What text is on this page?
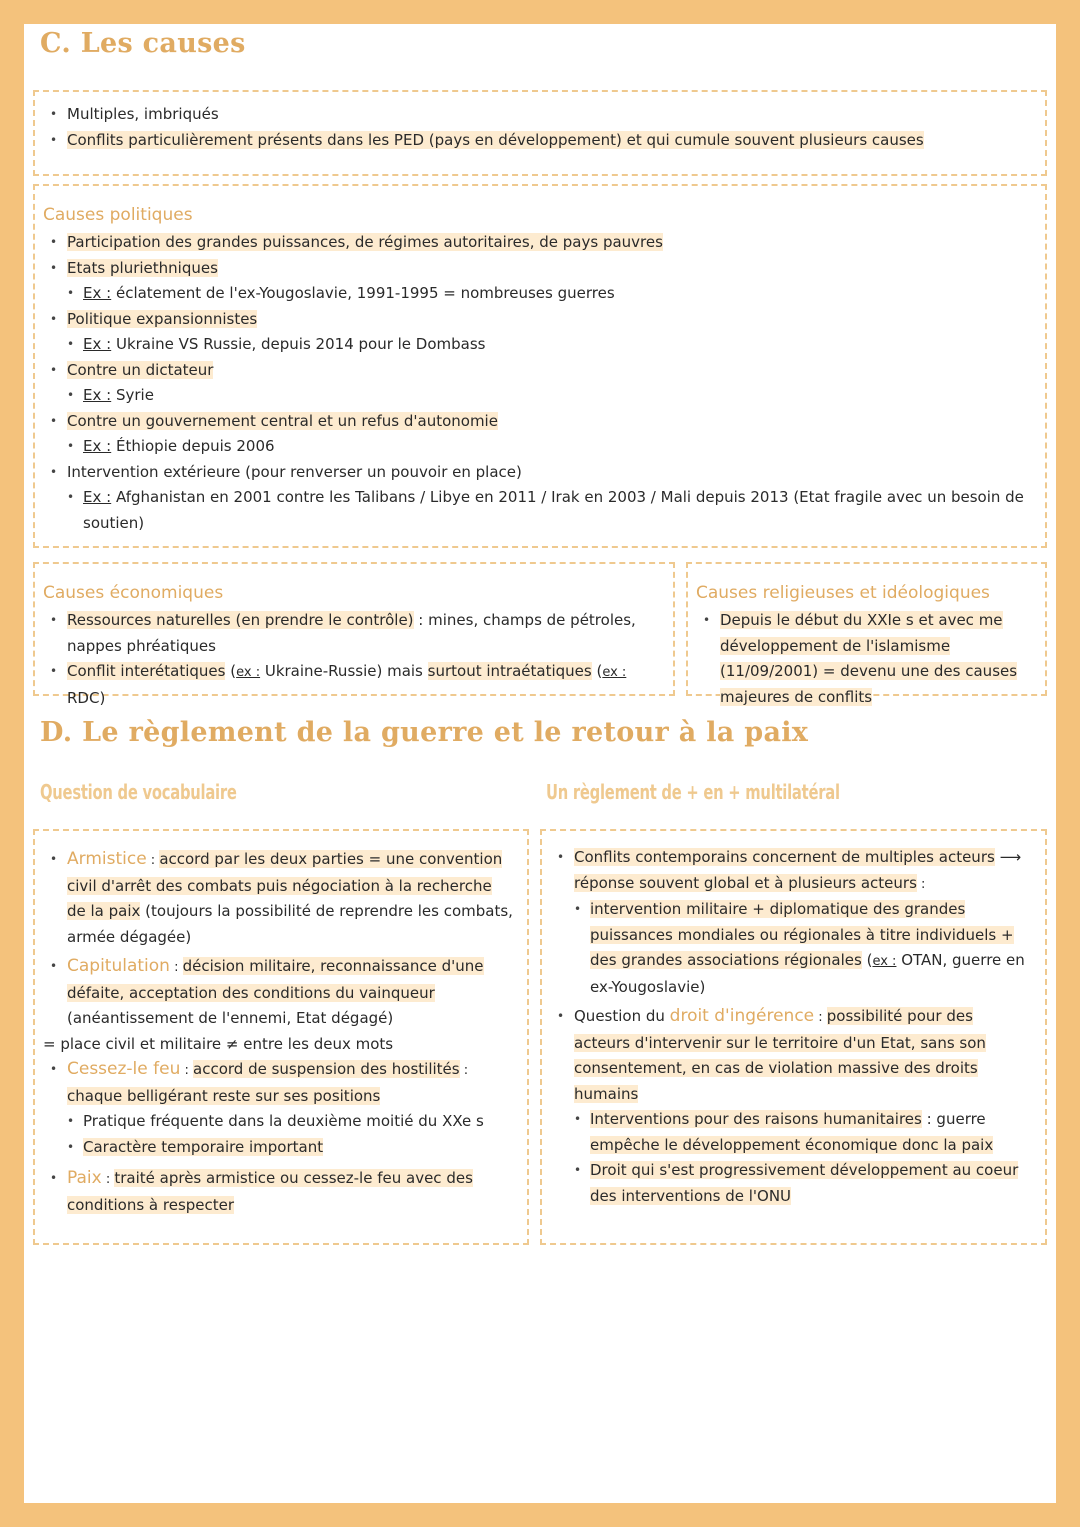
C. Les causes
• Multiples, imbriqués
• Conflits particulièrement présents dans les PED (pays en développement) et qui cumule souvent plusieurs causes
Causes politiques
• Participation des grandes puissances, de régimes autoritaires, de pays pauvres
• Etats pluriethniques
• Ex : éclatement de l'ex-Yougoslavie, 1991-1995 = nombreuses guerres
• Politique expansionnistes
• Ex : Ukraine VS Russie, depuis 2014 pour le Dombass
• Contre un dictateur
• Ex : Syrie
• Contre un gouvernement central et un refus d'autonomie
• Ex : Éthiopie depuis 2006
• Intervention extérieure (pour renverser un pouvoir en place)
• Ex : Afghanistan en 2001 contre les Talibans / Libye en 2011 / Irak en 2003 / Mali depuis 2013 (Etat fragile avec un besoin de soutien)
Causes économiques
• Ressources naturelles (en prendre le contrôle) : mines, champs de pétroles, nappes phréatiques
• Conflit interétatiques (ex : Ukraine-Russie) mais surtout intraétatiques (ex : RDC)
Causes religieuses et idéologiques
• Depuis le début du XXIe s et avec me développement de l'islamisme (11/09/2001) = devenu une des causes majeures de conflits
D. Le règlement de la guerre et le retour à la paix
Question de vocabulaire	Un règlement de + en + multilatéral
• Armistice : accord par les deux parties = une convention civil d'arrêt des combats puis négociation à la recherche de la paix (toujours la possibilité de reprendre les combats, armée dégagée)
• Capitulation : décision militaire, reconnaissance d'une défaite, acceptation des conditions du vainqueur (anéantissement de l'ennemi, Etat dégagé)
= place civil et militaire ≠ entre les deux mots
• Cessez-le feu : accord de suspension des hostilités : chaque belligérant reste sur ses positions
• Pratique fréquente dans la deuxième moitié du XXe s
• Caractère temporaire important
• Paix : traité après armistice ou cessez-le feu avec des conditions à respecter
• Conflits contemporains concernent de multiples acteurs ⟶ réponse souvent global et à plusieurs acteurs :
• intervention militaire + diplomatique des grandes puissances mondiales ou régionales à titre individuels + des grandes associations régionales (ex : OTAN, guerre en ex-Yougoslavie)
• Question du droit d'ingérence : possibilité pour des acteurs d'intervenir sur le territoire d'un Etat, sans son consentement, en cas de violation massive des droits humains
• Interventions pour des raisons humanitaires : guerre empêche le développement économique donc la paix
• Droit qui s'est progressivement développement au coeur des interventions de l'ONU
